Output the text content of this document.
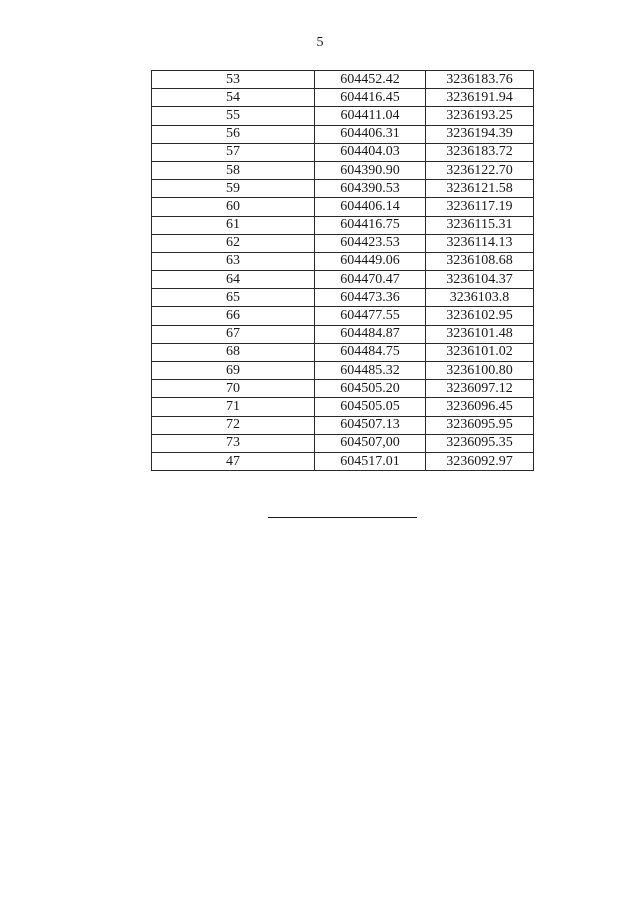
5
53	604452.42	3236183.76
54	604416.45	3236191.94
55	604411.04	3236193.25
56	604406.31	3236194.39
57	604404.03	3236183.72
58	604390.90	3236122.70
59	604390.53	3236121.58
60	604406.14	3236117.19
61	604416.75	3236115.31
62	604423.53	3236114.13
63	604449.06	3236108.68
64	604470.47	3236104.37
65	604473.36	3236103.8
66	604477.55	3236102.95
67	604484.87	3236101.48
68	604484.75	3236101.02
69	604485.32	3236100.80
70	604505.20	3236097.12
71	604505.05	3236096.45
72	604507.13	3236095.95
73	604507,00	3236095.35
47	604517.01	3236092.97
